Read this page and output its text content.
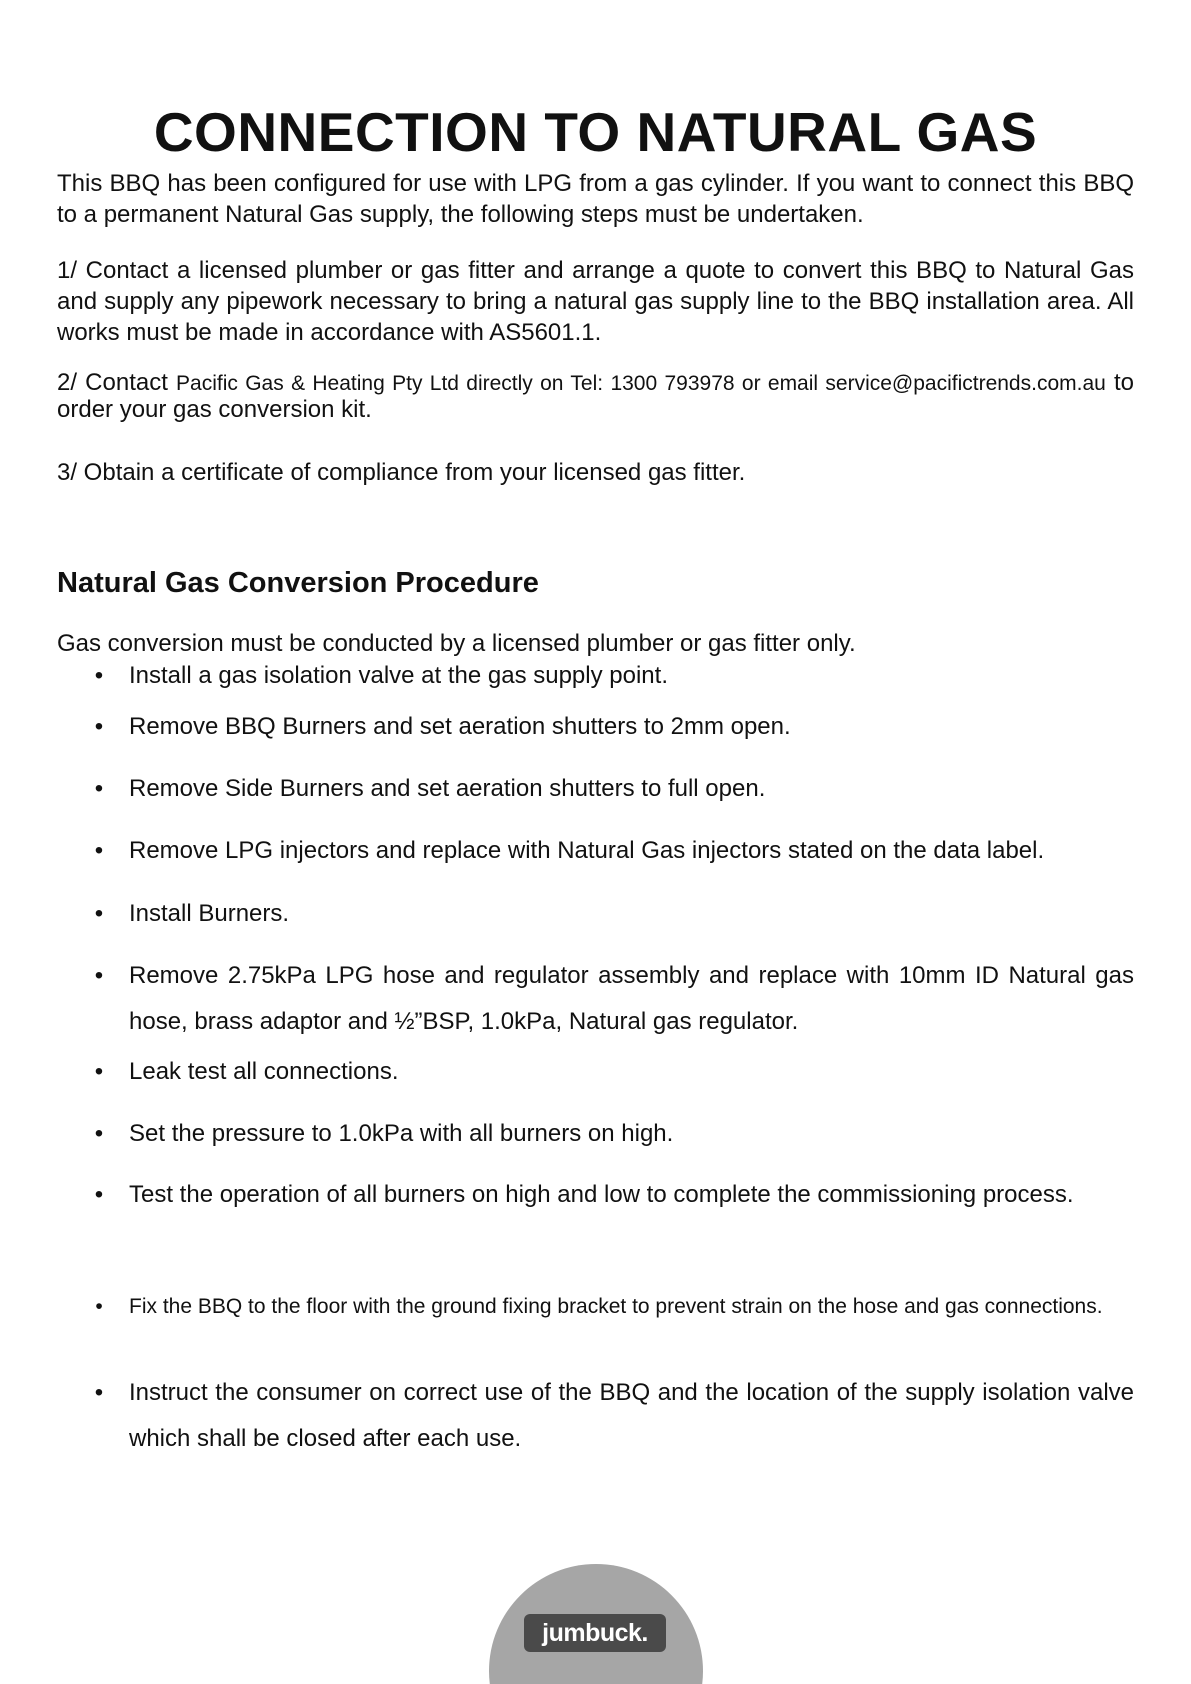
CONNECTION TO NATURAL GAS

This BBQ has been configured for use with LPG from a gas cylinder. If you want to connect this BBQ to a permanent Natural Gas supply, the following steps must be undertaken.

1/ Contact a licensed plumber or gas fitter and arrange a quote to convert this BBQ to Natural Gas and supply any pipework necessary to bring a natural gas supply line to the BBQ installation area. All works must be made in accordance with AS5601.1.

2/ Contact Pacific Gas & Heating Pty Ltd directly on Tel: 1300 793978 or email service@pacifictrends.com.au to order your gas conversion kit.

3/ Obtain a certificate of compliance from your licensed gas fitter.

Natural Gas Conversion Procedure

Gas conversion must be conducted by a licensed plumber or gas fitter only.

• Install a gas isolation valve at the gas supply point.
• Remove BBQ Burners and set aeration shutters to 2mm open.
• Remove Side Burners and set aeration shutters to full open.
• Remove LPG injectors and replace with Natural Gas injectors stated on the data label.
• Install Burners.
• Remove 2.75kPa LPG hose and regulator assembly and replace with 10mm ID Natural gas hose, brass adaptor and ½”BSP, 1.0kPa, Natural gas regulator.
• Leak test all connections.
• Set the pressure to 1.0kPa with all burners on high.
• Test the operation of all burners on high and low to complete the commissioning process.
• Fix the BBQ to the floor with the ground fixing bracket to prevent strain on the hose and gas connections.
• Instruct the consumer on correct use of the BBQ and the location of the supply isolation valve which shall be closed after each use.
jumbuck.
